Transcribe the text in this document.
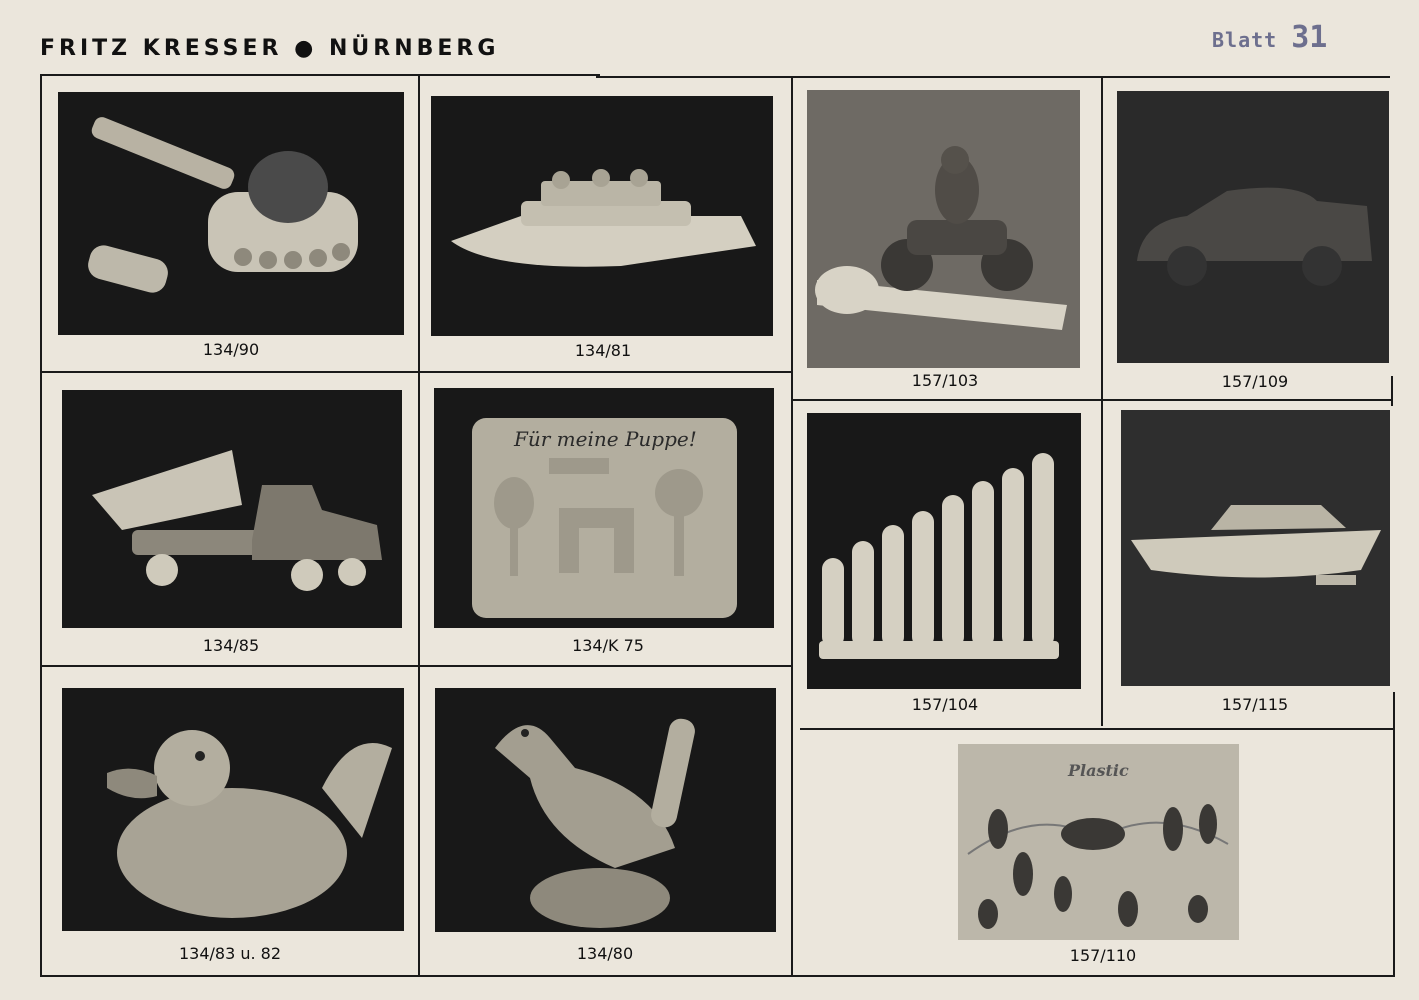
FRITZ KRESSER ● NÜRNBERG	Blatt 31
134/90	134/81
157/103	157/109
134/85
Für meine Puppe!
134/K 75
157/104	157/115
134/83 u. 82	134/80
Plastic
157/110
